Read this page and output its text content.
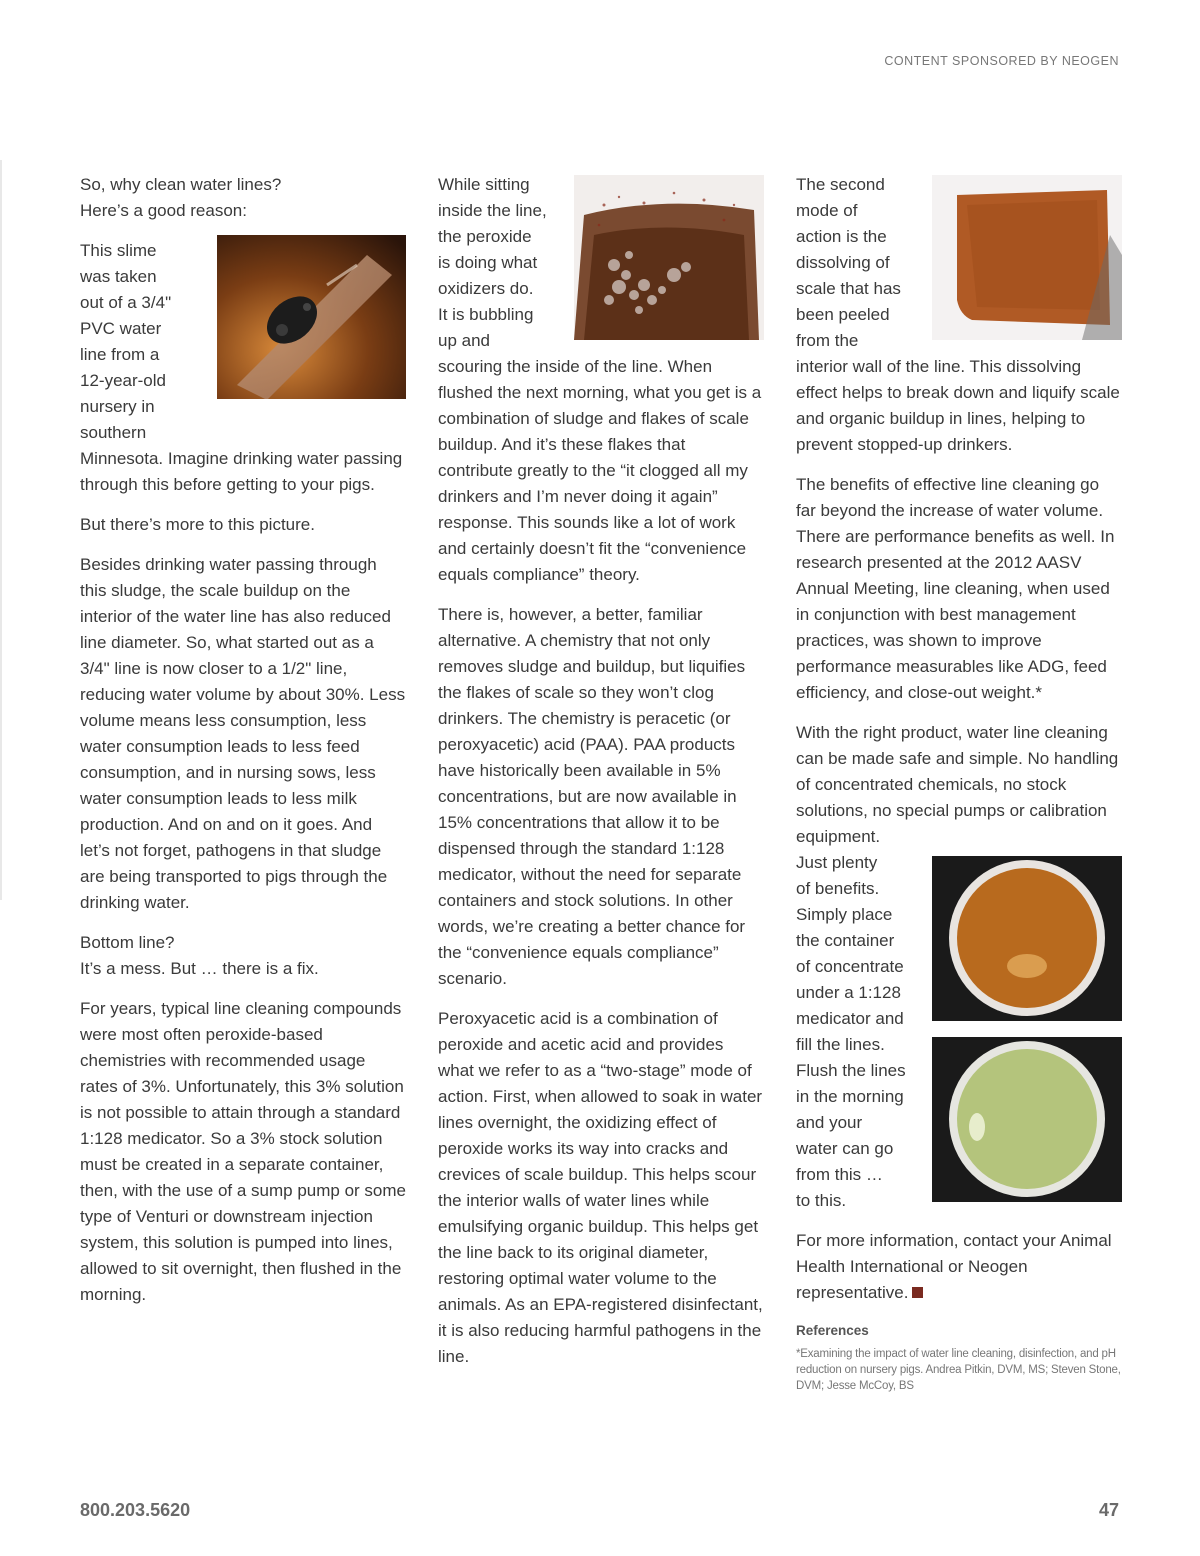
CONTENT SPONSORED BY NEOGEN

So, why clean water lines?
Here’s a good reason:

This slime
was taken
out of a 3/4"
PVC water
line from a
12-year-old
nursery in
southern

Minnesota. Imagine drinking water passing through this before getting to your pigs.

But there’s more to this picture.

Besides drinking water passing through this sludge, the scale buildup on the interior of the water line has also reduced line diameter. So, what started out as a 3/4" line is now closer to a 1/2" line, reducing water volume by about 30%. Less volume means less consumption, less water consumption leads to less feed consumption, and in nursing sows, less water consumption leads to less milk production. And on and on it goes. And let’s not forget, pathogens in that sludge are being transported to pigs through the drinking water.

Bottom line?
It’s a mess. But … there is a fix.

For years, typical line cleaning compounds were most often peroxide-based chemistries with recommended usage rates of 3%. Unfortunately, this 3% solution is not possible to attain through a standard 1:128 medicator. So a 3% stock solution must be created in a separate container, then, with the use of a sump pump or some type of Venturi or downstream injection system, this solution is pumped into lines, allowed to sit overnight, then flushed in the morning.

While sitting
inside the line,
the peroxide
is doing what
oxidizers do.
It is bubbling
up and

scouring the inside of the line. When flushed the next morning, what you get is a combination of sludge and flakes of scale buildup. And it’s these flakes that contribute greatly to the “it clogged all my drinkers and I’m never doing it again” response. This sounds like a lot of work and certainly doesn’t fit the “convenience equals compliance” theory.

There is, however, a better, familiar alternative. A chemistry that not only removes sludge and buildup, but liquifies the flakes of scale so they won’t clog drinkers. The chemistry is peracetic (or peroxyacetic) acid (PAA). PAA products have historically been available in 5% concentrations, but are now available in 15% concentrations that allow it to be dispensed through the standard 1:128 medicator, without the need for separate containers and stock solutions. In other words, we’re creating a better chance for the “convenience equals compliance” scenario.

Peroxyacetic acid is a combination of peroxide and acetic acid and provides what we refer to as a “two-stage” mode of action. First, when allowed to soak in water lines overnight, the oxidizing effect of peroxide works its way into cracks and crevices of scale buildup. This helps scour the interior walls of water lines while emulsifying organic buildup. This helps get the line back to its original diameter, restoring optimal water volume to the animals. As an EPA-registered disinfectant, it is also reducing harmful pathogens in the line.

The second
mode of
action is the
dissolving of
scale that has
been peeled
from the

interior wall of the line. This dissolving effect helps to break down and liquify scale and organic buildup in lines, helping to prevent stopped-up drinkers.

The benefits of effective line cleaning go far beyond the increase of water volume. There are performance benefits as well. In research presented at the 2012 AASV Annual Meeting, line cleaning, when used in conjunction with best management practices, was shown to improve performance measurables like ADG, feed efficiency, and close-out weight.*

With the right product, water line cleaning can be made safe and simple. No handling of concentrated chemicals, no stock solutions, no special pumps or calibration equipment.

Just plenty
of benefits.
Simply place
the container
of concentrate
under a 1:128
medicator and
fill the lines.
Flush the lines
in the morning
and your
water can go
from this …
to this.

For more information, contact your Animal Health International or Neogen representative.

References

*Examining the impact of water line cleaning, disinfection, and pH reduction on nursery pigs. Andrea Pitkin, DVM, MS; Steven Stone, DVM; Jesse McCoy, BS

800.203.5620	47
